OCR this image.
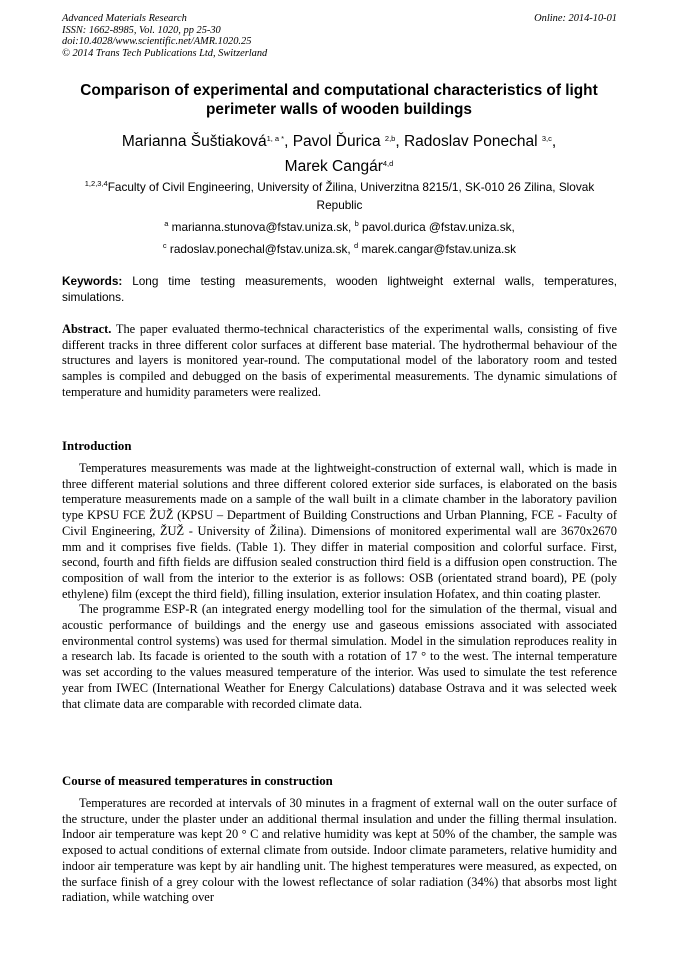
Advanced Materials Research
ISSN: 1662-8985, Vol. 1020, pp 25-30
doi:10.4028/www.scientific.net/AMR.1020.25
© 2014 Trans Tech Publications Ltd, Switzerland
Online: 2014-10-01
Comparison of experimental and computational characteristics of light perimeter walls of wooden buildings
Marianna Šuštiaková$^{1, a *}$, Pavol Ďurica $^{2,b}$, Radoslav Ponechal $^{3,c}$,
Marek Cangár$^{4,d}$
$^{1,2,3,4}$Faculty of Civil Engineering, University of Žilina, Univerzitna 8215/1, SK-010 26 Zilina, Slovak Republic
$^a$ marianna.stunova@fstav.uniza.sk, $^b$ pavol.durica @fstav.uniza.sk,
$^c$ radoslav.ponechal@fstav.uniza.sk, $^d$ marek.cangar@fstav.uniza.sk
Keywords: Long time testing measurements, wooden lightweight external walls, temperatures, simulations.

Abstract. The paper evaluated thermo-technical characteristics of the experimental walls, consisting of five different tracks in three different color surfaces at different base material. The hydrothermal behaviour of the structures and layers is monitored year-round. The computational model of the laboratory room and tested samples is compiled and debugged on the basis of experimental measurements. The dynamic simulations of temperature and humidity parameters were realized.

Introduction

Temperatures measurements was made at the lightweight-construction of external wall, which is made in three different material solutions and three different colored exterior side surfaces, is elaborated on the basis temperature measurements made on a sample of the wall built in a climate chamber in the laboratory pavilion type KPSU FCE ŽUŽ (KPSU – Department of Building Constructions and Urban Planning, FCE - Faculty of Civil Engineering, ŽUŽ - University of Žilina). Dimensions of monitored experimental wall are 3670x2670 mm and it comprises five fields. (Table 1). They differ in material composition and colorful surface. First, second, fourth and fifth fields are diffusion sealed construction third field is a diffusion open construction. The composition of wall from the interior to the exterior is as follows: OSB (orientated strand board), PE (poly ethylene) film (except the third field), filling insulation, exterior insulation Hofatex, and thin coating plaster.

The programme ESP-R (an integrated energy modelling tool for the simulation of the thermal, visual and acoustic performance of buildings and the energy use and gaseous emissions associated with associated environmental control systems) was used for thermal simulation. Model in the simulation reproduces reality in a research lab. Its facade is oriented to the south with a rotation of 17 ° to the west. The internal temperature was set according to the values measured temperature of the interior. Was used to simulate the test reference year from IWEC (International Weather for Energy Calculations) database Ostrava and it was selected week that climate data are comparable with recorded climate data.

Course of measured temperatures in construction

Temperatures are recorded at intervals of 30 minutes in a fragment of external wall on the outer surface of the structure, under the plaster under an additional thermal insulation and under the filling thermal insulation. Indoor air temperature was kept 20 ° C and relative humidity was kept at 50% of the chamber, the sample was exposed to actual conditions of external climate from outside. Indoor climate parameters, relative humidity and indoor air temperature was kept by air handling unit. The highest temperatures were measured, as expected, on the surface finish of a grey colour with the lowest reflectance of solar radiation (34%) that absorbs most light radiation, while watching over
